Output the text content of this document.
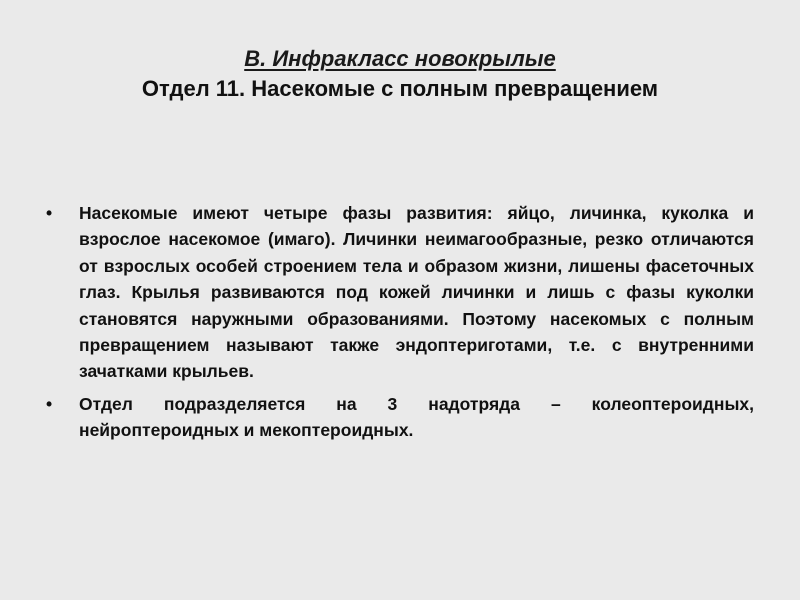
B. Инфракласс новокрылые
Отдел 11. Насекомые с полным превращением
• Насекомые имеют четыре фазы развития: яйцо, личинка, куколка и взрослое насекомое (имаго). Личинки неимагообразные, резко отличаются от взрослых особей строением тела и образом жизни, лишены фасеточных глаз. Крылья развиваются под кожей личинки и лишь с фазы куколки становятся наружными образованиями. Поэтому насекомых с полным превращением называют также эндоптериготами, т.е. с внутренними зачатками крыльев.
• Отдел подразделяется на 3 надотряда – колеоптероидных, нейроптероидных и мекоптероидных.
